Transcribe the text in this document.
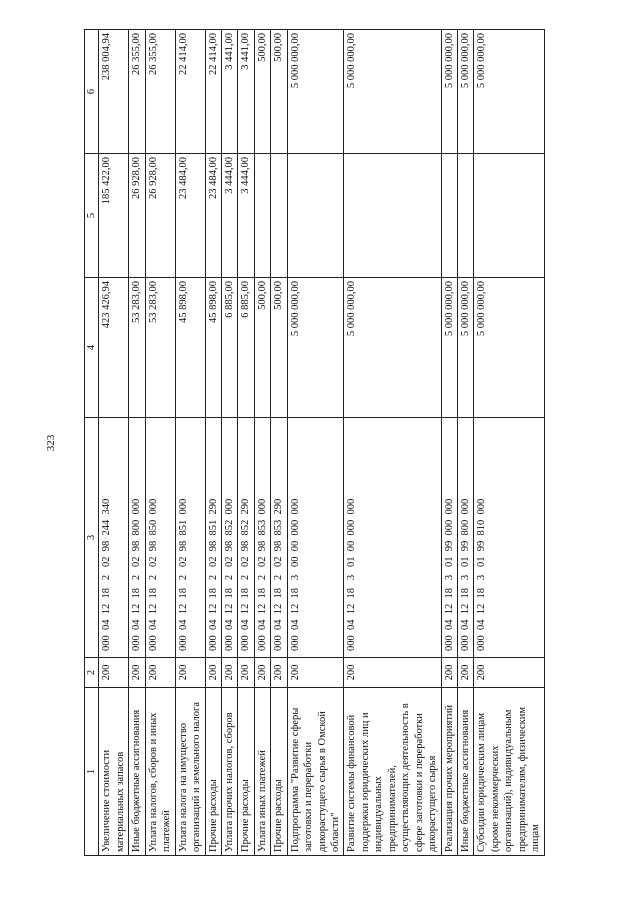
323
1	2	3	4	5	6
Увеличение стоимости материальных запасов	200	000  04  12  18   2   02  98  244  340	423 426,94	185 422,00	238 004,94
Иные бюджетные ассигнования	200	000  04  12  18   2   02  98  800  000	53 283,00	26 928,00	26 355,00
Уплата налогов, сборов и иных платежей	200	000  04  12  18   2   02  98  850  000	53 283,00	26 928,00	26 355,00
Уплата налога на имущество организаций и земельного налога	200	000  04  12  18   2   02  98  851  000	45 898,00	23 484,00	22 414,00
Прочие расходы	200	000  04  12  18   2   02  98  851  290	45 898,00	23 484,00	22 414,00
Уплата прочих налогов, сборов	200	000  04  12  18   2   02  98  852  000	6 885,00	3 444,00	3 441,00
Прочие расходы	200	000  04  12  18   2   02  98  852  290	6 885,00	3 444,00	3 441,00
Уплата иных платежей	200	000  04  12  18   2   02  98  853  000	500,00		500,00
Прочие расходы	200	000  04  12  18   2   02  98  853  290	500,00		500,00
Подпрограмма "Развитие сферы заготовки и переработки дикорастущего сырья в Омской области"	200	000  04  12  18   3   00  00  000  000	5 000 000,00		5 000 000,00
Развитие системы финансовой поддержки юридических лиц и индивидуальных предпринимателей, осуществляющих деятельность в сфере заготовки и переработки дикорастущего сырья	200	000  04  12  18   3   01  00  000  000	5 000 000,00		5 000 000,00
Реализация прочих мероприятий	200	000  04  12  18   3   01  99  000  000	5 000 000,00		5 000 000,00
Иные бюджетные ассигнования	200	000  04  12  18   3   01  99  800  000	5 000 000,00		5 000 000,00
Субсидии юридическим лицам (кроме некоммерческих организаций), индивидуальным предпринимателям, физическим лицам	200	000  04  12  18   3   01  99  810  000	5 000 000,00		5 000 000,00
